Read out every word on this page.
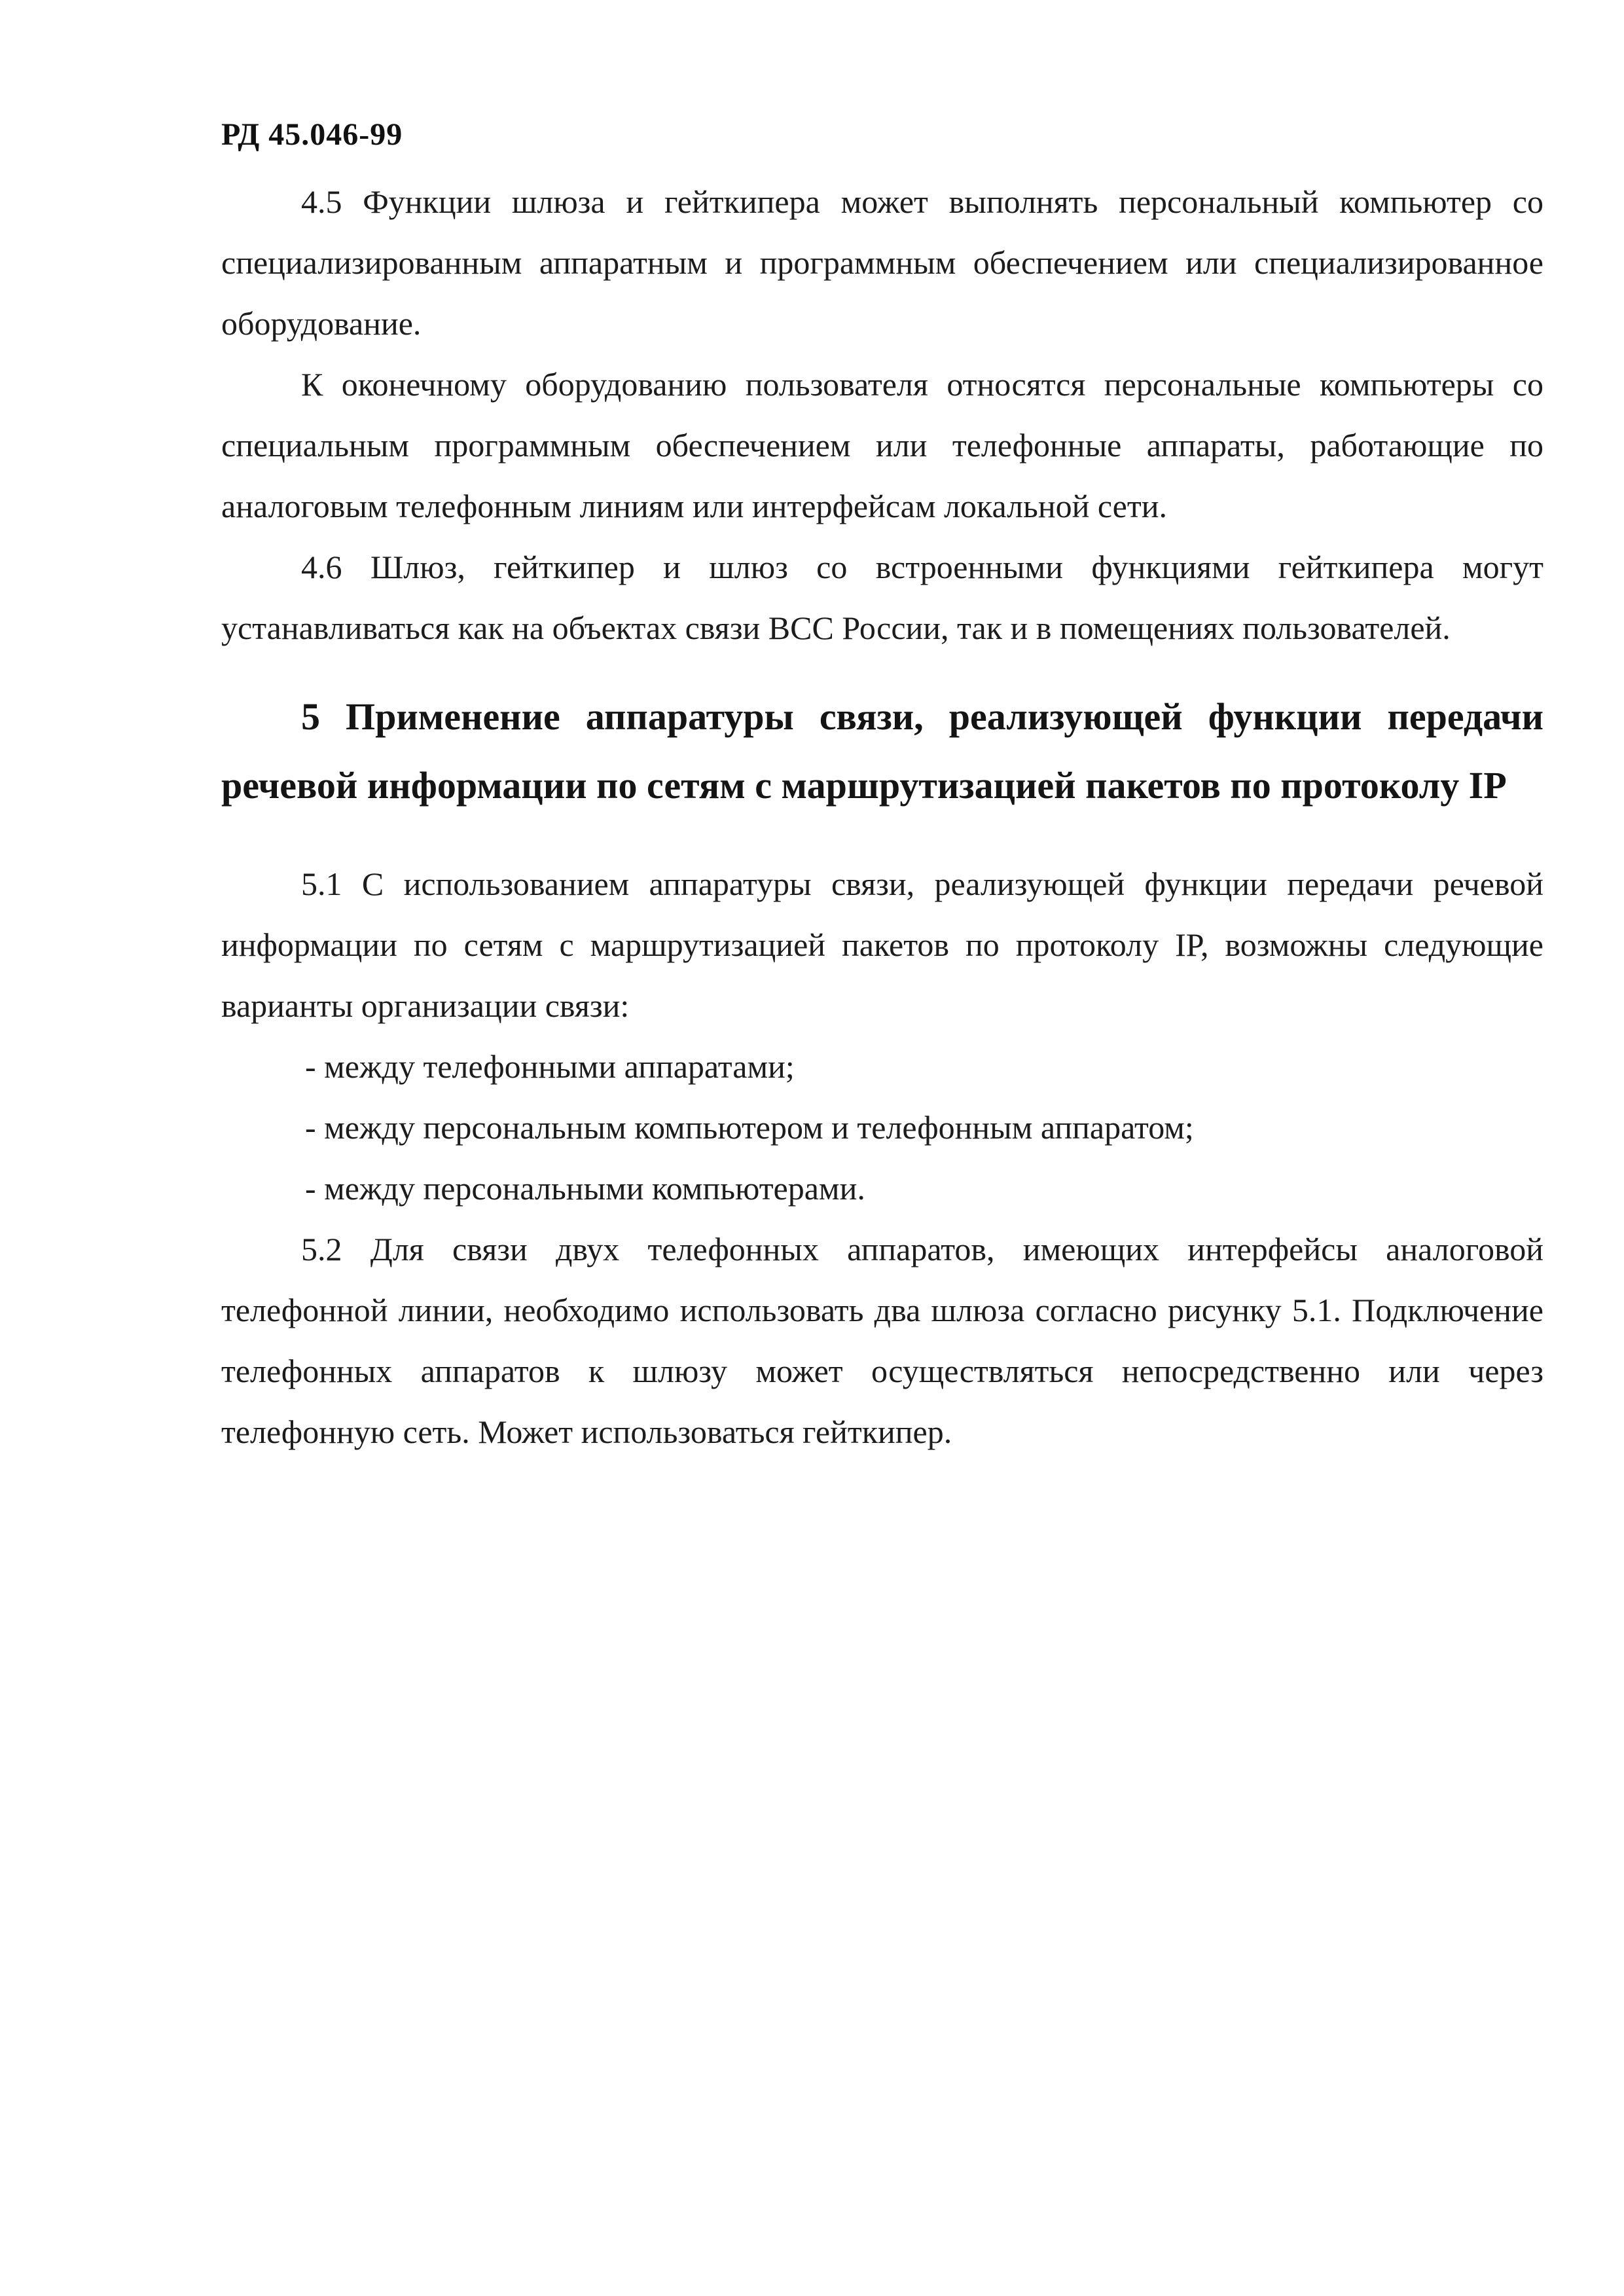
РД 45.046-99

4.5 Функции шлюза и гейткипера может выполнять персональный компьютер со специализированным аппаратным и программным обеспечением или специализированное оборудование.

К оконечному оборудованию пользователя относятся персональные компьютеры со специальным программным обеспечением или телефонные аппараты, работающие по аналоговым телефонным линиям или интерфейсам локальной сети.

4.6 Шлюз, гейткипер и шлюз со встроенными функциями гейткипера могут устанавливаться как на объектах связи ВСС России, так и в помещениях пользователей.

5 Применение аппаратуры связи, реализующей функции передачи речевой информации по сетям с маршрутизацией пакетов по протоколу IP

5.1 С использованием аппаратуры связи, реализующей функции передачи речевой информации по сетям с маршрутизацией пакетов по протоколу IP, возможны следующие варианты организации связи:

- между телефонными аппаратами;
- между персональным компьютером и телефонным аппаратом;
- между персональными компьютерами.

5.2 Для связи двух телефонных аппаратов, имеющих интерфейсы аналоговой телефонной линии, необходимо использовать два шлюза согласно рисунку 5.1. Подключение телефонных аппаратов к шлюзу может осуществляться непосредственно или через телефонную сеть. Может использоваться гейткипер.
